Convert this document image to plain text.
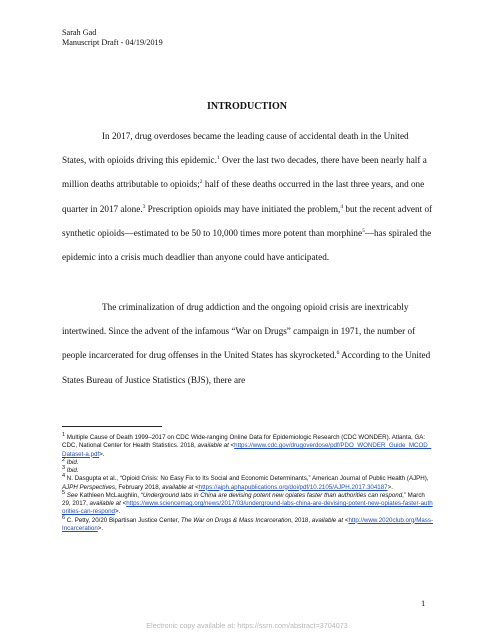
Sarah Gad
Manuscript Draft - 04/19/2019
INTRODUCTION

In 2017, drug overdoses became the leading cause of accidental death in the United States, with opioids driving this epidemic.$^1$ Over the last two decades, there have been nearly half a million deaths attributable to opioids;$^2$ half of these deaths occurred in the last three years, and one quarter in 2017 alone.$^3$ Prescription opioids may have initiated the problem,$^4$ but the recent advent of synthetic opioids—estimated to be 50 to 10,000 times more potent than morphine$^5$—has spiraled the epidemic into a crisis much deadlier than anyone could have anticipated.

The criminalization of drug addiction and the ongoing opioid crisis are inextricably intertwined. Since the advent of the infamous “War on Drugs” campaign in 1971, the number of people incarcerated for drug offenses in the United States has skyrocketed.$^6$ According to the United States Bureau of Justice Statistics (BJS), there are

$^1$ Multiple Cause of Death 1999–2017 on CDC Wide-ranging Online Data for Epidemiologic Research (CDC WONDER). Atlanta, GA: CDC, National Center for Health Statistics. 2018, available at <https://www.cdc.gov/drugoverdose/pdf/PDO_WONDER_Guide_MCOD_Dataset-a.pdf>.

$^2$ Ibid.

$^3$ Ibid.

$^4$ N. Dasgupta et al., “Opioid Crisis: No Easy Fix to Its Social and Economic Determinants,” American Journal of Public Health (AJPH), AJPH Perspectives, February 2018, available at <https://ajph.aphapublications.org/doi/pdf/10.2105/AJPH.2017.304187>.

$^5$ See Kathleen McLaughlin, “Underground labs in China are devising potent new opiates faster than authorities can respond,” March 29, 2017, available at <https://www.sciencemag.org/news/2017/03/underground-labs-china-are-devising-potent-new-opiates-faster-authorities-can-respond>.

$^6$ C. Petty, 20/20 Bipartisan Justice Center, The War on Drugs & Mass Incarceration, 2018, available at <http://www.2020club.org/Mass-Incarceration>.

1
Electronic copy available at: https://ssrn.com/abstract=3704073
